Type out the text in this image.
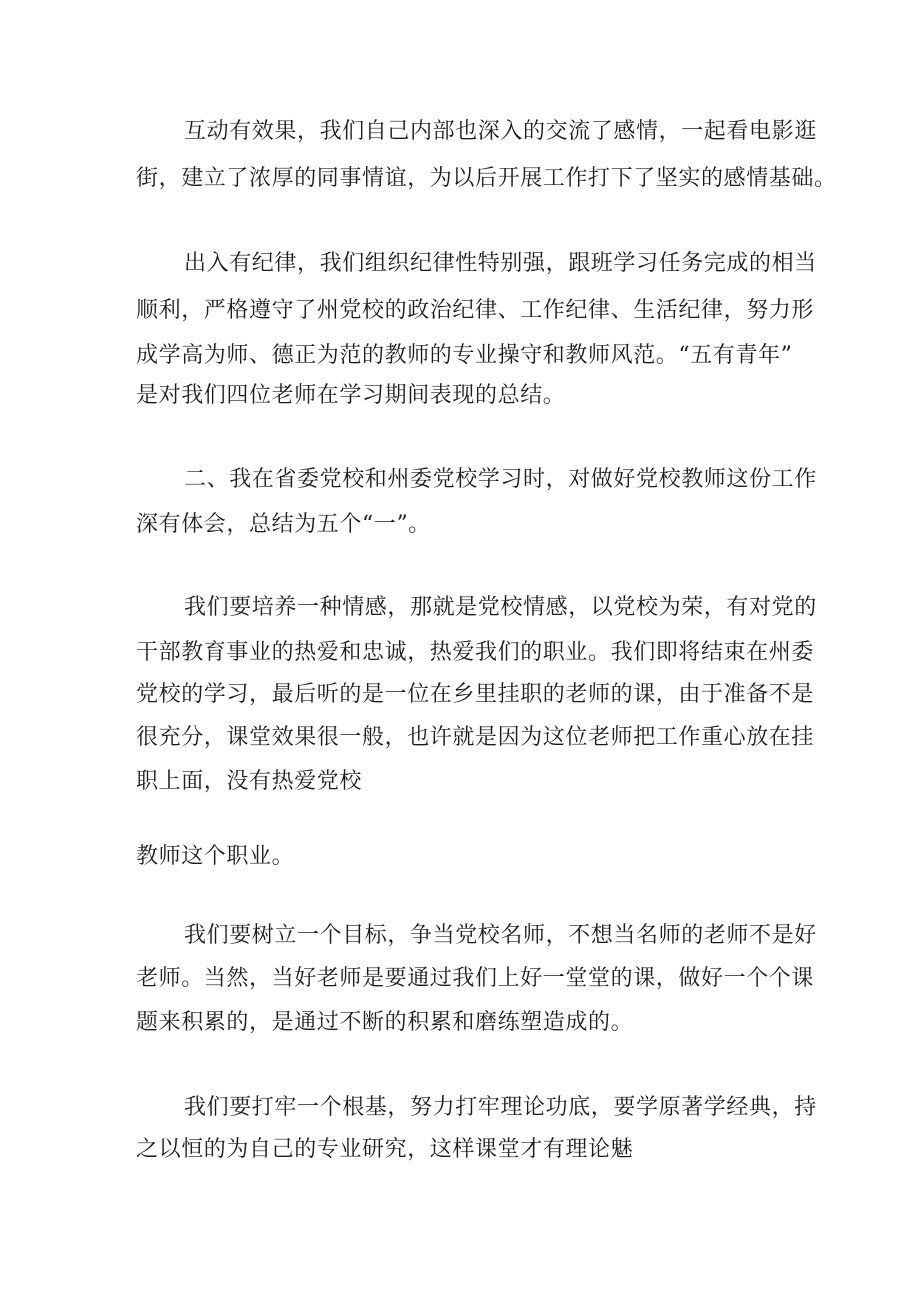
互动有效果，我们自己内部也深入的交流了感情，一起看电影逛
街，建立了浓厚的同事情谊，为以后开展工作打下了坚实的感情基础。
出入有纪律，我们组织纪律性特别强，跟班学习任务完成的相当
顺利，严格遵守了州党校的政治纪律、工作纪律、生活纪律，努力形
成学高为师、德正为范的教师的专业操守和教师风范。“五有青年”
是对我们四位老师在学习期间表现的总结。
二、我在省委党校和州委党校学习时，对做好党校教师这份工作
深有体会，总结为五个“一”。
我们要培养一种情感，那就是党校情感，以党校为荣，有对党的
干部教育事业的热爱和忠诚，热爱我们的职业。我们即将结束在州委
党校的学习，最后听的是一位在乡里挂职的老师的课，由于准备不是
很充分，课堂效果很一般，也许就是因为这位老师把工作重心放在挂
职上面，没有热爱党校
教师这个职业。
我们要树立一个目标，争当党校名师，不想当名师的老师不是好
老师。当然，当好老师是要通过我们上好一堂堂的课，做好一个个课
题来积累的，是通过不断的积累和磨练塑造成的。
我们要打牢一个根基，努力打牢理论功底，要学原著学经典，持
之以恒的为自己的专业研究，这样课堂才有理论魅
